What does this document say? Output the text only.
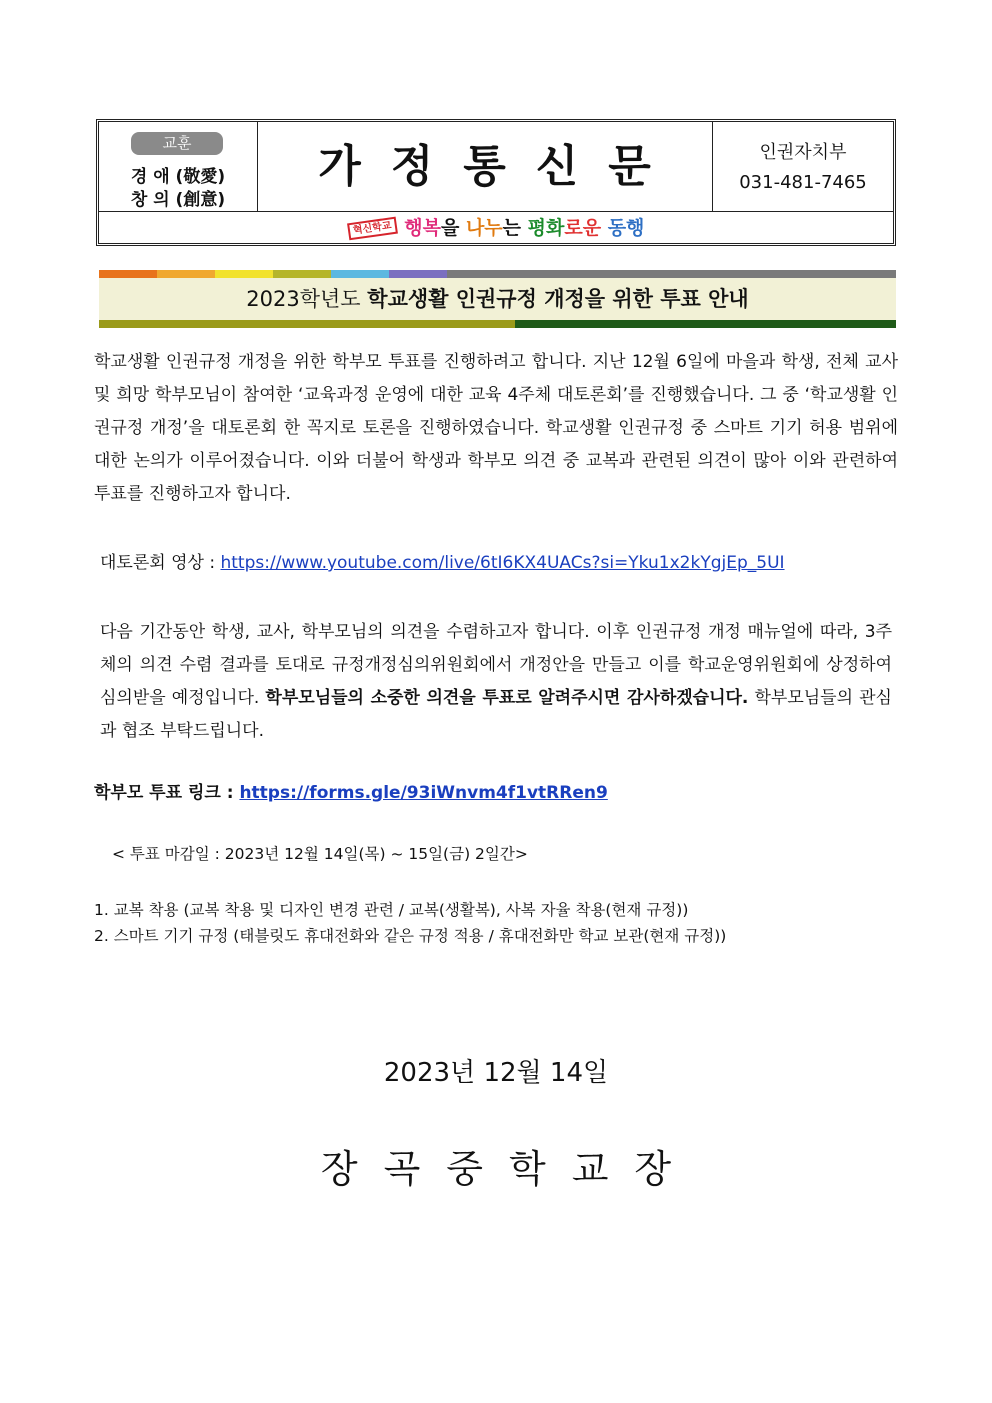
교훈
경 애 (敬愛)
창 의 (創意)
가정통신문	인권자치부
031-481-7465
혁신학교 행복을 나누는 평화로운 동행
2023학년도 학교생활 인권규정 개정을 위한 투표 안내
학교생활 인권규정 개정을 위한 학부모 투표를 진행하려고 합니다. 지난 12월 6일에 마을과 학생, 전체 교사 및 희망 학부모님이 참여한 ‘교육과정 운영에 대한 교육 4주체 대토론회’를 진행했습니다. 그 중 ‘학교생활 인권규정 개정’을 대토론회 한 꼭지로 토론을 진행하였습니다. 학교생활 인권규정 중 스마트 기기 허용 범위에 대한 논의가 이루어졌습니다. 이와 더불어 학생과 학부모 의견 중 교복과 관련된 의견이 많아 이와 관련하여 투표를 진행하고자 합니다.
대토론회 영상 : https://www.youtube.com/live/6tI6KX4UACs?si=Yku1x2kYgjEp_5UI
다음 기간동안 학생, 교사, 학부모님의 의견을 수렴하고자 합니다. 이후 인권규정 개정 매뉴얼에 따라, 3주체의 의견 수렴 결과를 토대로 규정개정심의위원회에서 개정안을 만들고 이를 학교운영위원회에 상정하여 심의받을 예정입니다. 학부모님들의 소중한 의견을 투표로 알려주시면 감사하겠습니다. 학부모님들의 관심과 협조 부탁드립니다.
학부모 투표 링크 : https://forms.gle/93iWnvm4f1vtRRen9
< 투표 마감일 : 2023년 12월 14일(목) ~ 15일(금) 2일간>
1. 교복 착용 (교복 착용 및 디자인 변경 관련 / 교복(생활복), 사복 자율 착용(현재 규정))
2. 스마트 기기 규정 (태블릿도 휴대전화와 같은 규정 적용 / 휴대전화만 학교 보관(현재 규정))
2023년 12월 14일
장곡중학교장
